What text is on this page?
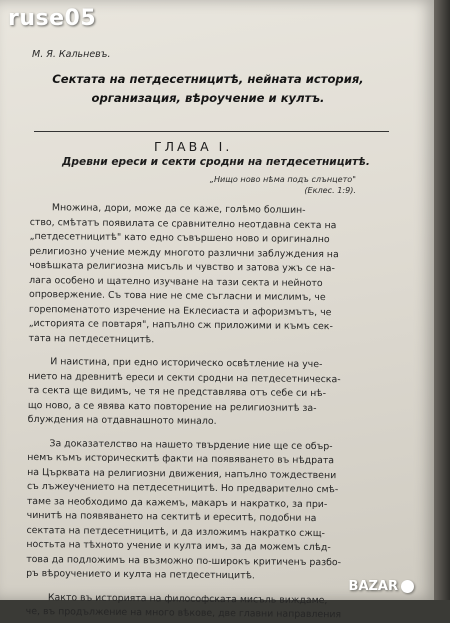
ruse05
М. Я. Кальневъ.
Сектата на петдесетницитѣ, нейната история,
организация, вѣроучение и култъ.
ГЛАВА I.
Древни ереси и секти сродни на петдесетницитѣ.
„Нищо ново нѣма подъ слънцето"
(Еклес. 1:9).
Множина, дори, може да се каже, голѣмо болшин-
ство, смѣтатъ появилата се сравнително неотдавна секта на
„петдесетницитѣ" като едно съвършено ново и оригинално
религиозно учение между многото различни заблуждения на
човѣшката религиозна мисъль и чувство и затова ужъ се на-
лага особено и щателно изучване на тази секта и нейното
опровержение. Съ това ние не сме съгласни и мислимъ, че
горепоменатото изречение на Еклесиаста и афоризмътъ, че
„историята се повтаря", напълно сж приложими и къмъ сек-
тата на петдесетницитѣ.
И наистина, при едно историческо освѣтление на уче-
нието на древнитѣ ереси и секти сродни на петдесетническа-
та секта ще видимъ, че тя не представлява отъ себе си нѣ-
що ново, а се явява като повторение на религиознитѣ за-
блуждения на отдавнашното минало.
За доказателство на нашето твърдение ние ще се обър-
немъ къмъ историческитѣ факти на появяването въ нѣдрата
на Църквата на религиозни движения, напълно тождествени
съ лъжеучението на петдесетницитѣ. Но предварително смѣ-
таме за необходимо да кажемъ, макаръ и накратко, за при-
чинитѣ на появяването на сектитѣ и ереситѣ, подобни на
сектата на петдесетницитѣ, и да изложимъ накратко сжщ-
ностьта на тѣхното учение и култа имъ, за да можемъ слѣд-
това да подложимъ на възможно по-широкъ критиченъ разбо-
ръ вѣроучението и култа на петдесетницитѣ.
Както въ историята на философската мисъль виждаме,
че, въ продължение на много вѣкове, две главни направления
BAZAR
